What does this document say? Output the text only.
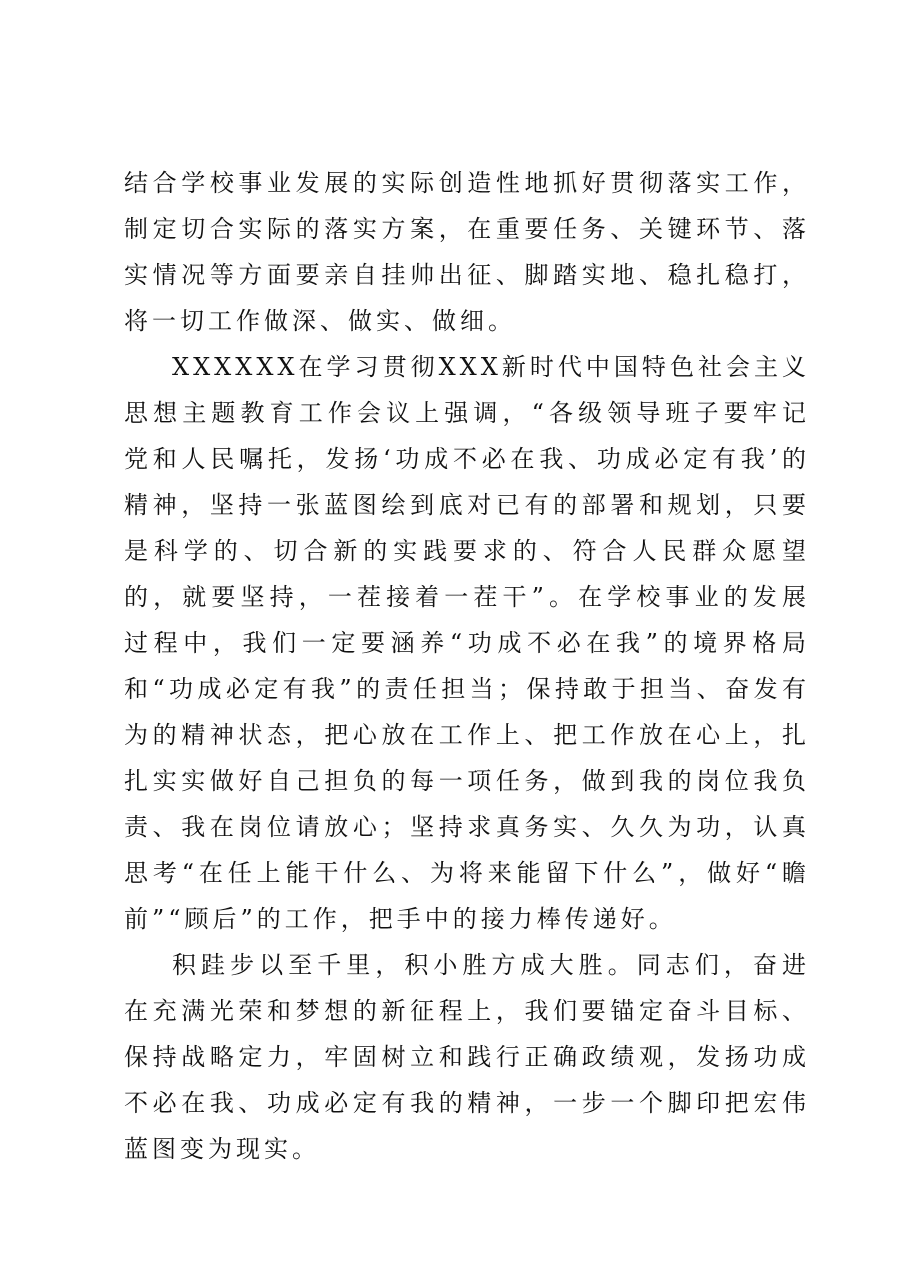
结合学校事业发展的实际创造性地抓好贯彻落实工作，制定切合实际的落实方案，在重要任务、关键环节、落实情况等方面要亲自挂帅出征、脚踏实地、稳扎稳打，将一切工作做深、做实、做细。

XXXXXX在学习贯彻XXX新时代中国特色社会主义思想主题教育工作会议上强调，“各级领导班子要牢记党和人民嘱托，发扬‘功成不必在我、功成必定有我’的精神，坚持一张蓝图绘到底对已有的部署和规划，只要是科学的、切合新的实践要求的、符合人民群众愿望的，就要坚持，一茬接着一茬干”。在学校事业的发展过程中，我们一定要涵养“功成不必在我”的境界格局和“功成必定有我”的责任担当；保持敢于担当、奋发有为的精神状态，把心放在工作上、把工作放在心上，扎扎实实做好自己担负的每一项任务，做到我的岗位我负责、我在岗位请放心；坚持求真务实、久久为功，认真思考“在任上能干什么、为将来能留下什么”，做好“瞻前”“顾后”的工作，把手中的接力棒传递好。

积跬步以至千里，积小胜方成大胜。同志们，奋进在充满光荣和梦想的新征程上，我们要锚定奋斗目标、保持战略定力，牢固树立和践行正确政绩观，发扬功成不必在我、功成必定有我的精神，一步一个脚印把宏伟蓝图变为现实。
